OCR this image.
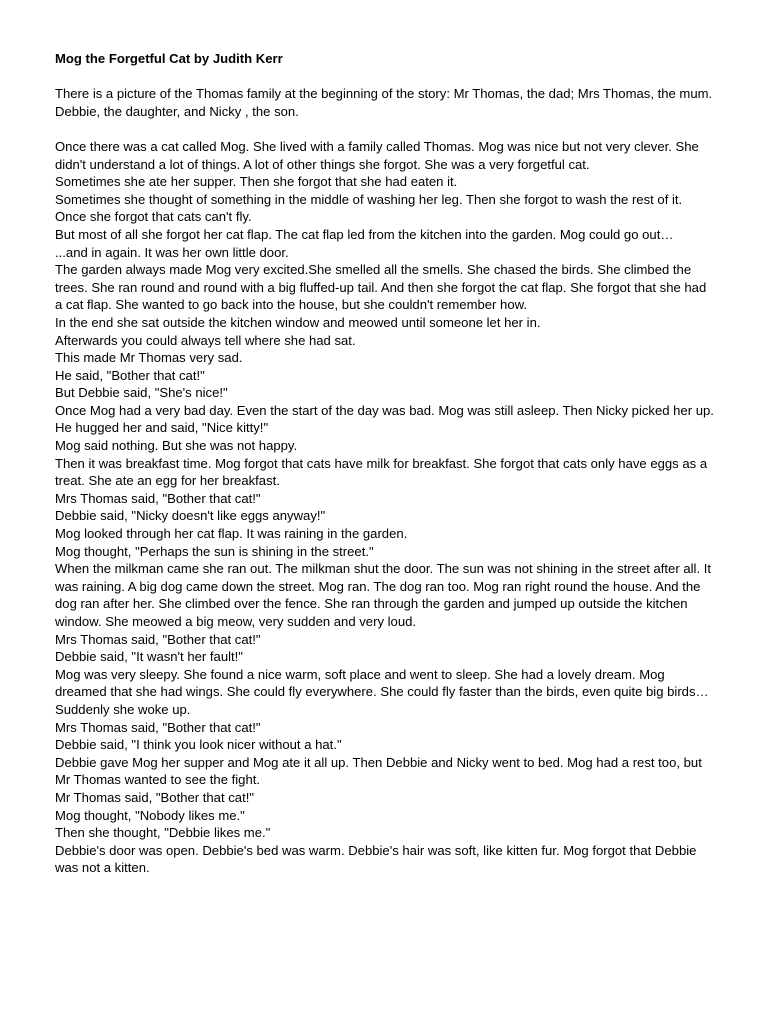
Mog the Forgetful Cat by Judith Kerr

There is a picture of the Thomas family at the beginning of the story: Mr Thomas, the dad; Mrs Thomas, the mum. Debbie, the daughter, and Nicky , the son.

Once there was a cat called Mog. She lived with a family called Thomas. Mog was nice but not very clever. She didn't understand a lot of things. A lot of other things she forgot. She was a very forgetful cat.

Sometimes she ate her supper. Then she forgot that she had eaten it.

Sometimes she thought of something in the middle of washing her leg. Then she forgot to wash the rest of it.

Once she forgot that cats can't fly.

But most of all she forgot her cat flap. The cat flap led from the kitchen into the garden. Mog could go out…

...and in again. It was her own little door.

The garden always made Mog very excited.She smelled all the smells. She chased the birds. She climbed the trees. She ran round and round with a big fluffed-up tail. And then she forgot the cat flap. She forgot that she had a cat flap. She wanted to go back into the house, but she couldn't remember how.

In the end she sat outside the kitchen window and meowed until someone let her in.

Afterwards you could always tell where she had sat.

This made Mr Thomas very sad.

He said, "Bother that cat!"

But Debbie said, "She's nice!"

Once Mog had a very bad day. Even the start of the day was bad. Mog was still asleep. Then Nicky picked her up.

He hugged her and said, "Nice kitty!"

Mog said nothing. But she was not happy.

Then it was breakfast time. Mog forgot that cats have milk for breakfast. She forgot that cats only have eggs as a treat. She ate an egg for her breakfast.

Mrs Thomas said, "Bother that cat!"

Debbie said, "Nicky doesn't like eggs anyway!"

Mog looked through her cat flap. It was raining in the garden.

Mog thought, "Perhaps the sun is shining in the street."

When the milkman came she ran out. The milkman shut the door. The sun was not shining in the street after all. It was raining. A big dog came down the street. Mog ran. The dog ran too. Mog ran right round the house. And the dog ran after her. She climbed over the fence. She ran through the garden and jumped up outside the kitchen window. She meowed a big meow, very sudden and very loud.

Mrs Thomas said, "Bother that cat!"

Debbie said, "It wasn't her fault!"

Mog was very sleepy. She found a nice warm, soft place and went to sleep. She had a lovely dream. Mog dreamed that she had wings. She could fly everywhere. She could fly faster than the birds, even quite big birds… Suddenly she woke up.

Mrs Thomas said, "Bother that cat!"

Debbie said, "I think you look nicer without a hat."

Debbie gave Mog her supper and Mog ate it all up. Then Debbie and Nicky went to bed. Mog had a rest too, but Mr Thomas wanted to see the fight.

Mr Thomas said, "Bother that cat!"

Mog thought, "Nobody likes me."

Then she thought, "Debbie likes me."

Debbie's door was open. Debbie's bed was warm. Debbie's hair was soft, like kitten fur. Mog forgot that Debbie was not a kitten.
